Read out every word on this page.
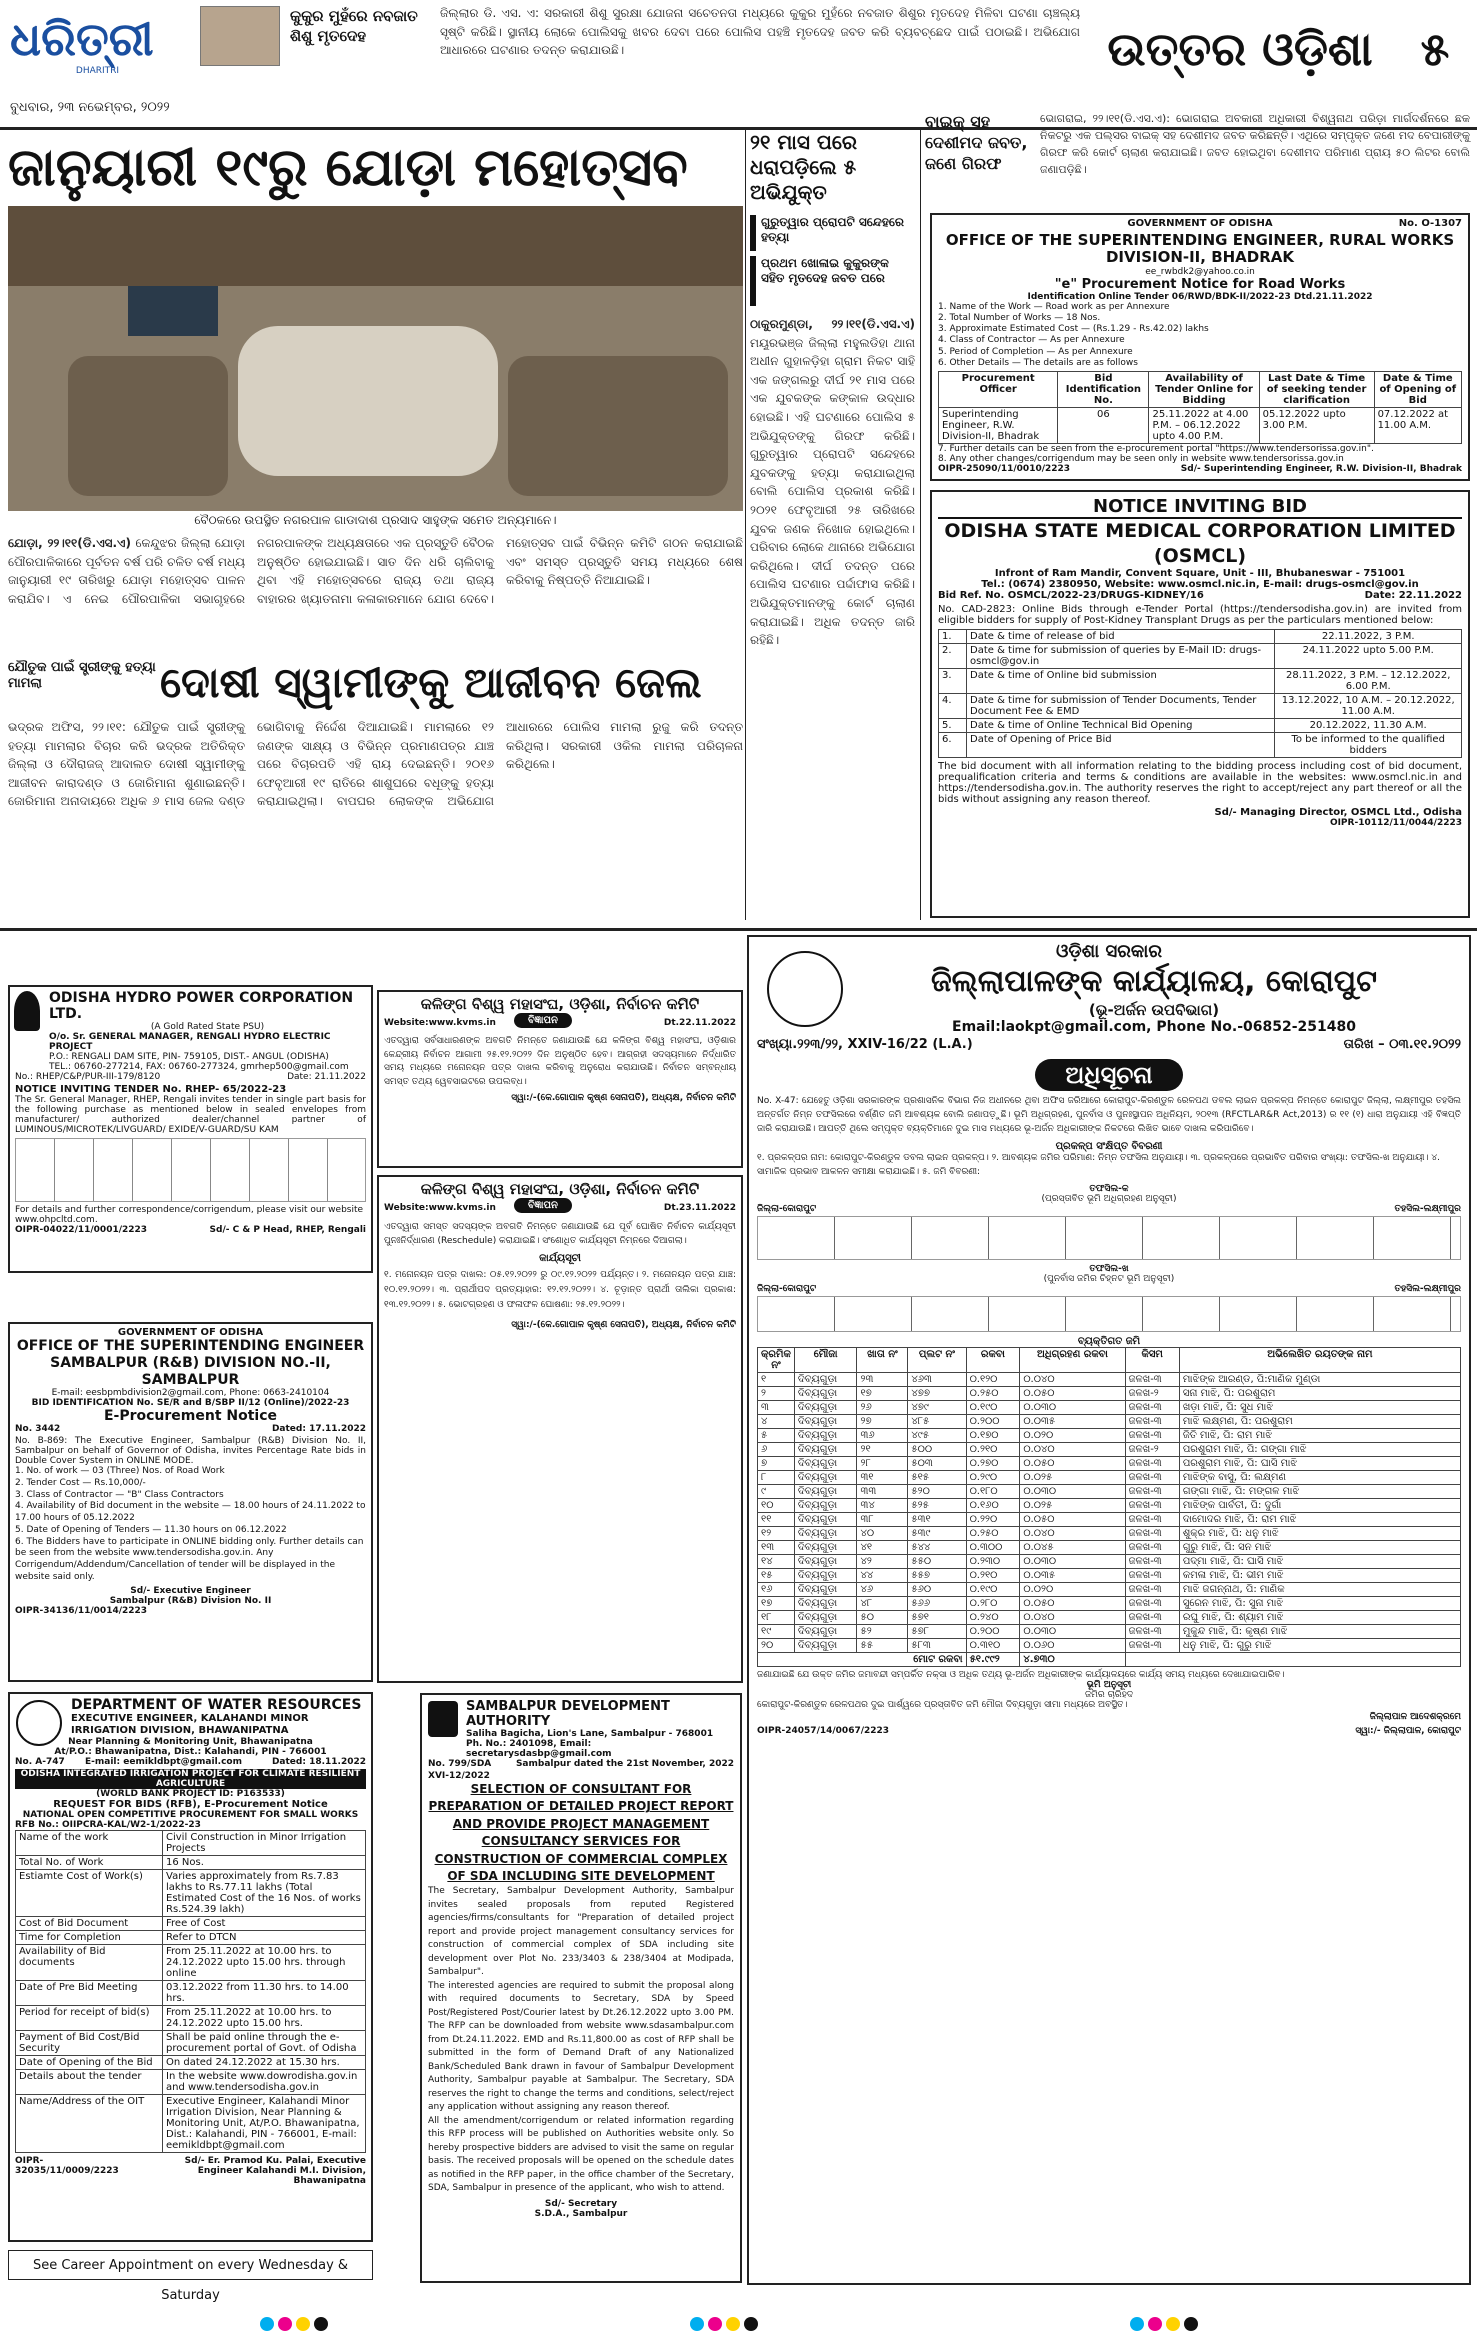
ଧରିତ୍ରୀ
DHARITRI
ବୁଧବାର, ୨୩ ନଭେମ୍ବର, ୨୦୨୨
କୁକୁର ମୁହଁରେ ନବଜାତ ଶିଶୁ ମୃତଦେହ
ଜିଲ୍ଲାର ଡି. ଏସ. ଏ: ସରକାରୀ ଶିଶୁ ସୁରକ୍ଷା ଯୋଜନା ସଚେତନତା ମଧ୍ୟରେ କୁକୁର ମୁହଁରେ ନବଜାତ ଶିଶୁର ମୃତଦେହ ମିଳିବା ଘଟଣା ଚାଞ୍ଚଲ୍ୟ ସୃଷ୍ଟି କରିଛି। ସ୍ଥାନୀୟ ଲୋକେ ପୋଲିସକୁ ଖବର ଦେବା ପରେ ପୋଲିସ ପହଞ୍ଚି ମୃତଦେହ ଜବତ କରି ବ୍ୟବଚ୍ଛେଦ ପାଇଁ ପଠାଇଛି। ଅଭିଯୋଗ ଆଧାରରେ ଘଟଣାର ତଦନ୍ତ କରାଯାଉଛି।	ଉତ୍ତର ଓଡ଼ିଶା	୫
ଜାନୁୟାରୀ ୧୯ରୁ ଯୋଡ଼ା ମହୋତ୍ସବ
ବୈଠକରେ ଉପସ୍ଥିତ ନଗରପାଳ ଗାଡାଦାଶ ପ୍ରସାଦ ସାହୁଙ୍କ ସମେତ ଅନ୍ୟମାନେ।
ଯୋଡ଼ା, ୨୨।୧୧(ଡି.ଏସ.ଏ) କେନ୍ଦୁଝର ଜିଲ୍ଲା ଯୋଡ଼ା ପୌରପାଳିକାରେ ପୂର୍ବତନ ବର୍ଷ ପରି ଚଳିତ ବର୍ଷ ମଧ୍ୟ ଜାନୁୟାରୀ ୧୯ ତାରିଖରୁ ଯୋଡ଼ା ମହୋତ୍ସବ ପାଳନ କରାଯିବ। ଏ ନେଇ ପୌରପାଳିକା ସଭାଗୃହରେ ନଗରପାଳଙ୍କ ଅଧ୍ୟକ୍ଷତାରେ ଏକ ପ୍ରସ୍ତୁତି ବୈଠକ ଅନୁଷ୍ଠିତ ହୋଇଯାଇଛି। ସାତ ଦିନ ଧରି ଚାଲିବାକୁ ଥିବା ଏହି ମହୋତ୍ସବରେ ରାଜ୍ୟ ତଥା ରାଜ୍ୟ ବାହାରର ଖ୍ୟାତନାମା କଳାକାରମାନେ ଯୋଗ ଦେବେ। ମହୋତ୍ସବ ପାଇଁ ବିଭିନ୍ନ କମିଟି ଗଠନ କରାଯାଇଛି ଏବଂ ସମସ୍ତ ପ୍ରସ୍ତୁତି ସମୟ ମଧ୍ୟରେ ଶେଷ କରିବାକୁ ନିଷ୍ପତ୍ତି ନିଆଯାଇଛି।
୨୧ ମାସ ପରେ ଧରାପଡ଼ିଲେ ୫ ଅଭିଯୁକ୍ତ
ଗୁରୁତ୍ୱାର ପ୍ରୋପଟି ସନ୍ଦେହରେ ହତ୍ୟା
ପ୍ରଥମ ଖୋଳାଇ କୁକୁରଙ୍କ ସହିତ ମୃତଦେହ ଜବତ ପରେ
ଠାକୁରମୁଣ୍ଡା, ୨୨।୧୧(ଡି.ଏସ.ଏ) ମୟୂରଭଞ୍ଜ ଜିଲ୍ଲା ମହୁଲଡିହା ଥାନା ଅଧୀନ ଗୁହାଳଡ଼ିହା ଗ୍ରାମ ନିକଟ ସାହି ଏକ ଜଙ୍ଗଲରୁ ଦୀର୍ଘ ୨୧ ମାସ ପରେ ଏକ ଯୁବକଙ୍କ କଙ୍କାଳ ଉଦ୍ଧାର ହୋଇଛି। ଏହି ଘଟଣାରେ ପୋଲିସ ୫ ଅଭିଯୁକ୍ତଙ୍କୁ ଗିରଫ କରିଛି। ଗୁରୁତ୍ୱାର ପ୍ରୋପଟି ସନ୍ଦେହରେ ଯୁବକଙ୍କୁ ହତ୍ୟା କରାଯାଇଥିଲା ବୋଲି ପୋଲିସ ପ୍ରକାଶ କରିଛି। ୨୦୨୧ ଫେବୃଆରୀ ୨୫ ତାରିଖରେ ଯୁବକ ଜଣକ ନିଖୋଜ ହୋଇଥିଲେ। ପରିବାର ଲୋକେ ଥାନାରେ ଅଭିଯୋଗ କରିଥିଲେ। ଦୀର୍ଘ ତଦନ୍ତ ପରେ ପୋଲିସ ଘଟଣାର ପର୍ଦ୍ଦାଫାସ କରିଛି। ଅଭିଯୁକ୍ତମାନଙ୍କୁ କୋର୍ଟ ଚାଲାଣ କରାଯାଇଛି। ଅଧିକ ତଦନ୍ତ ଜାରି ରହିଛି।
ବାଇକ୍ ସହ ଦେଶୀମଦ ଜବତ, ଜଣେ ଗିରଫ
ଭୋଗରାଇ, ୨୨।୧୧(ଡି.ଏସ.ଏ): ଭୋଗରାଇ ଅବକାରୀ ଅଧିକାରୀ ବିଶ୍ୱନାଥ ପରିଡ଼ା ମାର୍ଗଦର୍ଶନରେ ଛକ ନିକଟରୁ ଏକ ପଲ୍ସର ବାଇକ୍ ସହ ଦେଶୀମଦ ଜବତ କରିଛନ୍ତି। ଏଥିରେ ସମ୍ପୃକ୍ତ ଜଣେ ମଦ ବେପାରୀଙ୍କୁ ଗିରଫ କରି କୋର୍ଟ ଚାଲାଣ କରାଯାଇଛି। ଜବତ ହୋଇଥିବା ଦେଶୀମଦ ପରିମାଣ ପ୍ରାୟ ୫୦ ଲିଟର ବୋଲି ଜଣାପଡ଼ିଛି।
GOVERNMENT OF ODISHA	No. O-1307
OFFICE OF THE SUPERINTENDING ENGINEER, RURAL WORKS DIVISION-II, BHADRAK
ee_rwbdk2@yahoo.co.in
"e" Procurement Notice for Road Works
Identification Online Tender 06/RWD/BDK-II/2022-23 Dtd.21.11.2022
1. Name of the Work — Road work as per Annexure
2. Total Number of Works — 18 Nos.
3. Approximate Estimated Cost — (Rs.1.29 - Rs.42.02) lakhs
4. Class of Contractor — As per Annexure
5. Period of Completion — As per Annexure
6. Other Details — The details are as follows
Procurement Officer	Bid Identification No.	Availability of Tender Online for Bidding	Last Date & Time of seeking tender clarification	Date & Time of Opening of Bid
Superintending Engineer, R.W. Division-II, Bhadrak	06	25.11.2022 at 4.00 P.M. – 06.12.2022 upto 4.00 P.M.	05.12.2022 upto 3.00 P.M.	07.12.2022 at 11.00 A.M.
7. Further details can be seen from the e-procurement portal "https://www.tendersorissa.gov.in".
8. Any other changes/corrigendum may be seen only in website www.tendersorissa.gov.in
OIPR-25090/11/0010/2223	Sd/- Superintending Engineer, R.W. Division-II, Bhadrak
NOTICE INVITING BID
ODISHA STATE MEDICAL CORPORATION LIMITED (OSMCL)
Infront of Ram Mandir, Convent Square, Unit - III, Bhubaneswar - 751001
Tel.: (0674) 2380950, Website: www.osmcl.nic.in, E-mail: drugs-osmcl@gov.in
Bid Ref. No. OSMCL/2022-23/DRUGS-KIDNEY/16	Date: 22.11.2022
No. CAD-2823: Online Bids through e-Tender Portal (https://tendersodisha.gov.in) are invited from eligible bidders for supply of Post-Kidney Transplant Drugs as per the particulars mentioned below:
1.	Date & time of release of bid	22.11.2022, 3 P.M.
2.	Date & time for submission of queries by E-Mail ID: drugs-osmcl@gov.in	24.11.2022 upto 5.00 P.M.
3.	Date & time of Online bid submission	28.11.2022, 3 P.M. – 12.12.2022, 6.00 P.M.
4.	Date & time for submission of Tender Documents, Tender Document Fee & EMD	13.12.2022, 10 A.M. – 20.12.2022, 11.00 A.M.
5.	Date & time of Online Technical Bid Opening	20.12.2022, 11.30 A.M.
6.	Date of Opening of Price Bid	To be informed to the qualified bidders
The bid document with all information relating to the bidding process including cost of bid document, prequalification criteria and terms & conditions are available in the websites: www.osmcl.nic.in and https://tendersodisha.gov.in. The authority reserves the right to accept/reject any part thereof or all the bids without assigning any reason thereof.
Sd/- Managing Director, OSMCL Ltd., Odisha
OIPR-10112/11/0044/2223
ଯୌତୁକ ପାଇଁ ସ୍ତ୍ରୀଙ୍କୁ ହତ୍ୟା ମାମଲା	ଦୋଷୀ ସ୍ୱାମୀଙ୍କୁ ଆଜୀବନ ଜେଲ
ଭଦ୍ରକ ଅଫିସ, ୨୨।୧୧: ଯୌତୁକ ପାଇଁ ସ୍ତ୍ରୀଙ୍କୁ ହତ୍ୟା ମାମଲାର ବିଚାର କରି ଭଦ୍ରକ ଅତିରିକ୍ତ ଜିଲ୍ଲା ଓ ଦୌରାଜଜ୍ ଆଦାଲତ ଦୋଷୀ ସ୍ୱାମୀଙ୍କୁ ଆଜୀବନ କାରାଦଣ୍ଡ ଓ ଜୋରିମାନା ଶୁଣାଇଛନ୍ତି। ଜୋରିମାନା ଅନାଦାୟରେ ଅଧିକ ୬ ମାସ ଜେଲ ଦଣ୍ଡ ଭୋଗିବାକୁ ନିର୍ଦ୍ଦେଶ ଦିଆଯାଇଛି। ମାମଲାରେ ୧୨ ଜଣଙ୍କ ସାକ୍ଷ୍ୟ ଓ ବିଭିନ୍ନ ପ୍ରମାଣପତ୍ର ଯାଞ୍ଚ ପରେ ବିଚାରପତି ଏହି ରାୟ ଦେଇଛନ୍ତି। ୨୦୧୬ ଫେବୃଆରୀ ୧୯ ରାତିରେ ଶାଶୁଘରେ ବଧୂଙ୍କୁ ହତ୍ୟା କରାଯାଇଥିଲା। ବାପଘର ଲୋକଙ୍କ ଅଭିଯୋଗ ଆଧାରରେ ପୋଲିସ ମାମଲା ରୁଜୁ କରି ତଦନ୍ତ କରିଥିଲା। ସରକାରୀ ଓକିଲ ମାମଲା ପରିଚାଳନା କରିଥିଲେ।
ODISHA HYDRO POWER CORPORATION LTD.
(A Gold Rated State PSU)
O/o. Sr. GENERAL MANAGER, RENGALI HYDRO ELECTRIC PROJECT
P.O.: RENGALI DAM SITE, PIN- 759105, DIST.- ANGUL (ODISHA)
TEL.: 06760-277214, FAX: 06760-277324, gmrhep500@gmail.com
No.: RHEP/C&P/PUR-III-179/8120	Date: 21.11.2022
NOTICE INVITING TENDER No. RHEP- 65/2022-23
The Sr. General Manager, RHEP, Rengali invites tender in single part basis for the following purchase as mentioned below in sealed envelopes from manufacturer/ authorized dealer/channel partner of LUMINOUS/MICROTEK/LIVGUARD/ EXIDE/V-GUARD/SU KAM
For details and further correspondence/corrigendum, please visit our website www.ohpcltd.com.
OIPR-04022/11/0001/2223	Sd/- C & P Head, RHEP, Rengali
GOVERNMENT OF ODISHA
OFFICE OF THE SUPERINTENDING ENGINEER SAMBALPUR (R&B) DIVISION NO.-II, SAMBALPUR
E-mail: eesbpmbdivision2@gmail.com, Phone: 0663-2410104
BID IDENTIFICATION No. SE/R and B/SBP II/12 (Online)/2022-23
E-Procurement Notice
No. 3442	Dated: 17.11.2022
No. B-869: The Executive Engineer, Sambalpur (R&B) Division No. II, Sambalpur on behalf of Governor of Odisha, invites Percentage Rate bids in Double Cover System in ONLINE MODE.
1. No. of work — 03 (Three) Nos. of Road Work
2. Tender Cost — Rs.10,000/-
3. Class of Contractor — "B" Class Contractors
4. Availability of Bid document in the website — 18.00 hours of 24.11.2022 to 17.00 hours of 05.12.2022
5. Date of Opening of Tenders — 11.30 hours on 06.12.2022
6. The Bidders have to participate in ONLINE bidding only. Further details can be seen from the website www.tendersodisha.gov.in. Any Corrigendum/Addendum/Cancellation of tender will be displayed in the website said only.
Sd/- Executive Engineer
Sambalpur (R&B) Division No. II
OIPR-34136/11/0014/2223
DEPARTMENT OF WATER RESOURCES
EXECUTIVE ENGINEER, KALAHANDI MINOR IRRIGATION DIVISION, BHAWANIPATNA
Near Planning & Monitoring Unit, Bhawanipatna
At/P.O.: Bhawanipatna, Dist.: Kalahandi, PIN - 766001
No. A-747 E-mail: eemikldbpt@gmail.com	Dated: 18.11.2022
ODISHA INTEGRATED IRRIGATION PROJECT FOR CLIMATE RESILIENT AGRICULTURE
(WORLD BANK PROJECT ID: P163533)
REQUEST FOR BIDS (RFB), E-Procurement Notice
NATIONAL OPEN COMPETITIVE PROCUREMENT FOR SMALL WORKS
RFB No.: OIIPCRA-KAL/W2-1/2022-23
Name of the work	Civil Construction in Minor Irrigation Projects
Total No. of Work	16 Nos.
Estiamte Cost of Work(s)	Varies approximately from Rs.7.83 lakhs to Rs.77.11 lakhs (Total Estimated Cost of the 16 Nos. of works Rs.524.39 lakh)
Cost of Bid Document	Free of Cost
Time for Completion	Refer to DTCN
Availability of Bid documents	From 25.11.2022 at 10.00 hrs. to 24.12.2022 upto 15.00 hrs. through online
Date of Pre Bid Meeting	03.12.2022 from 11.30 hrs. to 14.00 hrs.
Period for receipt of bid(s)	From 25.11.2022 at 10.00 hrs. to 24.12.2022 upto 15.00 hrs.
Payment of Bid Cost/Bid Security	Shall be paid online through the e-procurement portal of Govt. of Odisha
Date of Opening of the Bid	On dated 24.12.2022 at 15.30 hrs.
Details about the tender	In the website www.dowrodisha.gov.in and www.tendersodisha.gov.in
Name/Address of the OIT	Executive Engineer, Kalahandi Minor Irrigation Division, Near Planning & Monitoring Unit, At/P.O. Bhawanipatna, Dist.: Kalahandi, PIN - 766001, E-mail: eemikldbpt@gmail.com
OIPR-32035/11/0009/2223
Sd/- Er. Pramod Ku. Palai, Executive Engineer Kalahandi M.I. Division, Bhawanipatna
See Career Appointment on every Wednesday & Saturday
କଳିଙ୍ଗ ବିଶ୍ୱ ମହାସଂଘ, ଓଡ଼ିଶା, ନିର୍ବାଚନ କମିଟି
Website:www.kvms.in	ବିଜ୍ଞାପନ	Dt.22.11.2022
ଏତଦ୍ୱାରା ସର୍ବସାଧାରଣଙ୍କ ଅବଗତି ନିମନ୍ତେ ଜଣାଯାଉଛି ଯେ କଳିଙ୍ଗ ବିଶ୍ୱ ମହାସଂଘ, ଓଡ଼ିଶାର କେନ୍ଦ୍ରୀୟ ନିର୍ବାଚନ ଆଗାମୀ ୨୫.୧୨.୨୦୨୨ ଦିନ ଅନୁଷ୍ଠିତ ହେବ। ଆଗ୍ରହୀ ସଦସ୍ୟମାନେ ନିର୍ଦ୍ଧାରିତ ସମୟ ମଧ୍ୟରେ ମନୋନୟନ ପତ୍ର ଦାଖଲ କରିବାକୁ ଅନୁରୋଧ କରାଯାଉଛି। ନିର୍ବାଚନ ସମ୍ବନ୍ଧୀୟ ସମସ୍ତ ତଥ୍ୟ ୱେବସାଇଟରେ ଉପଲବ୍ଧ।
ସ୍ୱା:/-(କେ.ଗୋପାଳ କୃଷ୍ଣ ସେନାପତି), ଅଧ୍ୟକ୍ଷ, ନିର୍ବାଚନ କମିଟି
କଳିଙ୍ଗ ବିଶ୍ୱ ମହାସଂଘ, ଓଡ଼ିଶା, ନିର୍ବାଚନ କମିଟି
Website:www.kvms.in	ବିଜ୍ଞାପନ	Dt.23.11.2022
ଏତଦ୍ୱାରା ସମସ୍ତ ସଦସ୍ୟଙ୍କ ଅବଗତି ନିମନ୍ତେ ଜଣାଯାଉଛି ଯେ ପୂର୍ବ ଘୋଷିତ ନିର୍ବାଚନ କାର୍ଯ୍ୟସୂଚୀ ପୁନଃନିର୍ଦ୍ଧାରଣ (Reschedule) କରାଯାଇଛି। ସଂଶୋଧିତ କାର୍ଯ୍ୟସୂଚୀ ନିମ୍ନରେ ଦିଆଗଲା।
କାର୍ଯ୍ୟସୂଚୀ
୧. ମନୋନୟନ ପତ୍ର ଦାଖଲ: ୦୫.୧୨.୨୦୨୨ ରୁ ୦୯.୧୨.୨୦୨୨ ପର୍ଯ୍ୟନ୍ତ। ୨. ମନୋନୟନ ପତ୍ର ଯାଞ୍ଚ: ୧୦.୧୨.୨୦୨୨। ୩. ପ୍ରାର୍ଥୀପଦ ପ୍ରତ୍ୟାହାର: ୧୨.୧୨.୨୦୨୨। ୪. ଚୂଡ଼ାନ୍ତ ପ୍ରାର୍ଥୀ ତାଲିକା ପ୍ରକାଶ: ୧୩.୧୨.୨୦୨୨। ୫. ଭୋଟଗ୍ରହଣ ଓ ଫଳାଫଳ ଘୋଷଣା: ୨୫.୧୨.୨୦୨୨।
ସ୍ୱା:/-(କେ.ଗୋପାଳ କୃଷ୍ଣ ସେନାପତି), ଅଧ୍ୟକ୍ଷ, ନିର୍ବାଚନ କମିଟି
SAMBALPUR DEVELOPMENT AUTHORITY
Saliha Bagicha, Lion's Lane, Sambalpur - 768001
Ph. No.: 2401098, Email: secretarysdasbp@gmail.com
No. 799/SDA	Sambalpur dated the 21st November, 2022
XVI-12/2022
SELECTION OF CONSULTANT FOR PREPARATION OF DETAILED PROJECT REPORT AND PROVIDE PROJECT MANAGEMENT CONSULTANCY SERVICES FOR CONSTRUCTION OF COMMERCIAL COMPLEX OF SDA INCLUDING SITE DEVELOPMENT
The Secretary, Sambalpur Development Authority, Sambalpur invites sealed proposals from reputed Registered agencies/firms/consultants for "Preparation of detailed project report and provide project management consultancy services for construction of commercial complex of SDA including site development over Plot No. 233/3403 & 238/3404 at Modipada, Sambalpur".
The interested agencies are required to submit the proposal along with required documents to Secretary, SDA by Speed Post/Registered Post/Courier latest by Dt.26.12.2022 upto 3.00 PM. The RFP can be downloaded from website www.sdasambalpur.com from Dt.24.11.2022. EMD and Rs.11,800.00 as cost of RFP shall be submitted in the form of Demand Draft of any Nationalized Bank/Scheduled Bank drawn in favour of Sambalpur Development Authority, Sambalpur payable at Sambalpur. The Secretary, SDA reserves the right to change the terms and conditions, select/reject any application without assigning any reason thereof.
All the amendment/corrigendum or related information regarding this RFP process will be published on Authorities website only. So hereby prospective bidders are advised to visit the same on regular basis. The received proposals will be opened on the schedule dates as notified in the RFP paper, in the office chamber of the Secretary, SDA, Sambalpur in presence of the applicant, who wish to attend.
Sd/- Secretary
S.D.A., Sambalpur
ଓଡ଼ିଶା ସରକାର
ଜିଲ୍ଲାପାଳଙ୍କ କାର୍ଯ୍ୟାଳୟ, କୋରାପୁଟ
(ଭୂ-ଅର୍ଜନ ଉପବିଭାଗ)
Email:laokpt@gmail.com, Phone No.-06852-251480
ସଂଖ୍ୟା.୨୨୩/୨୨, XXIV-16/22 (L.A.)	ତାରିଖ – ୦୩.୧୧.୨୦୨୨
ଅଧିସୂଚନା
No. X-47: ଯେହେତୁ ଓଡ଼ିଶା ସରକାରଙ୍କ ପ୍ରଶାସନିକ ବିଭାଗ ନିଜ ଅଧୀନରେ ଥିବା ଅଫିସ ଜରିଆରେ କୋରାପୁଟ-କିରଣ୍ଡୁଳ ରେଳପଥ ଡବଲ ଲାଇନ ପ୍ରକଳ୍ପ ନିମନ୍ତେ କୋରାପୁଟ ଜିଲ୍ଲା, ଲକ୍ଷ୍ମୀପୁର ତହସିଲ ଅନ୍ତର୍ଗତ ନିମ୍ନ ତଫସିଲରେ ବର୍ଣ୍ଣିତ ଜମି ଆବଶ୍ୟକ ବୋଲି ଜଣାପଡ଼ୁଛି। ଭୂମି ଅଧିଗ୍ରହଣ, ପୁନର୍ବାସ ଓ ପୁନଃସ୍ଥାପନ ଅଧିନିୟମ, ୨୦୧୩ (RFCTLAR&R Act,2013) ର ୧୧ (୧) ଧାରା ଅନୁଯାୟୀ ଏହି ବିଜ୍ଞପ୍ତି ଜାରି କରାଯାଉଛି। ଆପତ୍ତି ଥିଲେ ସମ୍ପୃକ୍ତ ବ୍ୟକ୍ତିମାନେ ଦୁଇ ମାସ ମଧ୍ୟରେ ଭୂ-ଅର୍ଜନ ଅଧିକାରୀଙ୍କ ନିକଟରେ ଲିଖିତ ଭାବେ ଦାଖଲ କରିପାରିବେ।
ପ୍ରକଳ୍ପ ସଂକ୍ଷିପ୍ତ ବିବରଣୀ
୧. ପ୍ରକଳ୍ପର ନାମ: କୋରାପୁଟ-କିରଣ୍ଡୁଳ ଡବଲ ଲାଇନ ପ୍ରକଳ୍ପ। ୨. ଆବଶ୍ୟକ ଜମିର ପରିମାଣ: ନିମ୍ନ ତଫସିଲ ଅନୁଯାୟୀ। ୩. ପ୍ରକଳ୍ପରେ ପ୍ରଭାବିତ ପରିବାର ସଂଖ୍ୟା: ତଫସିଲ-ଖ ଅନୁଯାୟୀ। ୪. ସାମାଜିକ ପ୍ରଭାବ ଆକଳନ ସମୀକ୍ଷା କରାଯାଇଛି। ୫. ଜମି ବିବରଣୀ:
ତଫସିଲ-କ
(ପ୍ରସ୍ତାବିତ ଭୂମି ଅଧିଗ୍ରହଣ ଅନୁସୂଚୀ)
ଜିଲ୍ଲା-କୋରାପୁଟ	ତହସିଲ-ଲକ୍ଷ୍ମୀପୁର
ତଫସିଲ-ଖ
(ପୁନର୍ବାସ ଜମିର ଚିହ୍ନଟ ଭୂମି ଅନୁସୂଚୀ)
ଜିଲ୍ଲା-କୋରାପୁଟ	ତହସିଲ-ଲକ୍ଷ୍ମୀପୁର
ବ୍ୟକ୍ତିଗତ ଜମି
କ୍ରମିକ ନଂ	ମୌଜା	ଖାତା ନଂ	ପ୍ଲଟ ନଂ	ରକବା	ଅଧିଗ୍ରହଣ ରକବା	କିସମ	ଅଭିଲେଖିତ ରୟତଙ୍କ ନାମ
୧	ଦିବ୍ୟଗୁଡ଼ା	୨୩	୪୬୩	୦.୧୨୦	୦.୦୪୦	ଜଳଖ-୩	ମାଝିଙ୍କ ଆରଣ୍ଡ, ପି:ମାଣିକ ମୁଣ୍ଡା
୨	ଦିବ୍ୟଗୁଡ଼ା	୧୭	୪୭୭	୦.୨୫୦	୦.୦୫୦	ଜଳଖ-୨	ସନା ମାଝି, ପି: ପରଶୁରାମ
୩	ଦିବ୍ୟଗୁଡ଼ା	୨୬	୪୭୯	୦.୧୯୦	୦.୦୩୦	ଜଳଖ-୩	ଖଡ଼ା ମାଝି, ପି: ସୁଧ ମାଝି
୪	ଦିବ୍ୟଗୁଡ଼ା	୨୭	୪୮୫	୦.୨୦୦	୦.୦୩୫	ଜଳଖ-୩	ମାଝି ଲକ୍ଷ୍ମଣ, ପି: ପରଶୁରାମ
୫	ଦିବ୍ୟଗୁଡ଼ା	୩୬	୪୯୫	୦.୧୭୦	୦.୦୨୦	ଜଳଖ-୩	ଜିତି ମାଝି, ପି: ରାମ ମାଝି
୬	ଦିବ୍ୟଗୁଡ଼ା	୨୧	୫୦୦	୦.୨୧୦	୦.୦୪୦	ଜଳଖ-୨	ପରଶୁରାମ ମାଝି, ପି: ଗଙ୍ଗା ମାଝି
୭	ଦିବ୍ୟଗୁଡ଼ା	୨୮	୫୦୩	୦.୨୭୦	୦.୦୫୦	ଜଳଖ-୩	ପରଶୁରାମ ମାଝି, ପି: ଘାସି ମାଝି
୮	ଦିବ୍ୟଗୁଡ଼ା	୩୧	୫୧୫	୦.୨୯୦	୦.୦୨୫	ଜଳଖ-୩	ମାଝିଙ୍କ ବାସୁ, ପି: ଲକ୍ଷ୍ମଣ
୯	ଦିବ୍ୟଗୁଡ଼ା	୩୩	୫୨୦	୦.୧୮୦	୦.୦୩୦	ଜଳଖ-୩	ଗଙ୍ଗା ମାଝି, ପି: ମଙ୍ଗଳ ମାଝି
୧୦	ଦିବ୍ୟଗୁଡ଼ା	୩୪	୫୨୫	୦.୧୬୦	୦.୦୨୫	ଜଳଖ-୩	ମାଝିଙ୍କ ପାର୍ବତୀ, ପି: ଦୁର୍ଗା
୧୧	ଦିବ୍ୟଗୁଡ଼ା	୩୮	୫୩୧	୦.୨୨୦	୦.୦୫୦	ଜଳଖ-୩	ଦାମୋଦର ମାଝି, ପି: ରାମ ମାଝି
୧୨	ଦିବ୍ୟଗୁଡ଼ା	୪୦	୫୩୯	୦.୨୫୦	୦.୦୪୦	ଜଳଖ-୩	ଶୁକ୍ର ମାଝି, ପି: ଧନୁ ମାଝି
୧୩	ଦିବ୍ୟଗୁଡ଼ା	୪୧	୫୪୪	୦.୩୦୦	୦.୦୪୫	ଜଳଖ-୩	ଗୁରୁ ମାଝି, ପି: ସନ ମାଝି
୧୪	ଦିବ୍ୟଗୁଡ଼ା	୪୨	୫୫୦	୦.୨୩୦	୦.୦୩୦	ଜଳଖ-୩	ପଦ୍ମା ମାଝି, ପି: ଘାସି ମାଝି
୧୫	ଦିବ୍ୟଗୁଡ଼ା	୪୪	୫୫୭	୦.୨୧୦	୦.୦୩୫	ଜଳଖ-୩	କମଳା ମାଝି, ପି: ଭୀମ ମାଝି
୧୬	ଦିବ୍ୟଗୁଡ଼ା	୪୬	୫୬୦	୦.୧୯୦	୦.୦୨୦	ଜଳଖ-୩	ମାଝି ଜଗନ୍ନାଥ, ପି: ମାଣିକ
୧୭	ଦିବ୍ୟଗୁଡ଼ା	୪୮	୫୬୬	୦.୨୮୦	୦.୦୫୦	ଜଳଖ-୩	ସୁରେନ ମାଝି, ପି: ସୁନା ମାଝି
୧୮	ଦିବ୍ୟଗୁଡ଼ା	୫୦	୫୭୧	୦.୨୪୦	୦.୦୪୦	ଜଳଖ-୩	ରଘୁ ମାଝି, ପି: ଶ୍ୟାମ ମାଝି
୧୯	ଦିବ୍ୟଗୁଡ଼ା	୫୨	୫୭୮	୦.୨୦୦	୦.୦୩୦	ଜଳଖ-୩	ମୁକୁନ୍ଦ ମାଝି, ପି: କୃଷ୍ଣ ମାଝି
୨୦	ଦିବ୍ୟଗୁଡ଼ା	୫୫	୫୮୩	୦.୩୧୦	୦.୦୬୦	ଜଳଖ-୩	ଧନୁ ମାଝି, ପି: ଗୁରୁ ମାଝି
ମୋଟ ରକବା				୫୧.୯୯୨	୪.୭୩୦		
ଜଣାଯାଇଛି ଯେ ଉକ୍ତ ଜମିର ଜମାବନ୍ଦୀ ସମ୍ପର୍କିତ ନକ୍ସା ଓ ଅଧିକ ତଥ୍ୟ ଭୂ-ଅର୍ଜନ ଅଧିକାରୀଙ୍କ କାର୍ଯ୍ୟାଳୟରେ କାର୍ଯ୍ୟ ସମୟ ମଧ୍ୟରେ ଦେଖାଯାଇପାରିବ।
ଭୂମି ଅନୁସୂଚୀ
ଜମିର ଚାରିହଦ
କୋରାପୁଟ-କିରଣ୍ଡୁଳ ରେଳପଥର ଦୁଇ ପାର୍ଶ୍ୱରେ ପ୍ରସ୍ତାବିତ ଜମି ମୌଜା ଦିବ୍ୟଗୁଡ଼ା ସୀମା ମଧ୍ୟରେ ଅବସ୍ଥିତ।
OIPR-24057/14/0067/2223
ଜିଲ୍ଲାପାଳ ଆଦେଶକ୍ରମେ
ସ୍ୱା:/- ଜିଲ୍ଲାପାଳ, କୋରାପୁଟ
